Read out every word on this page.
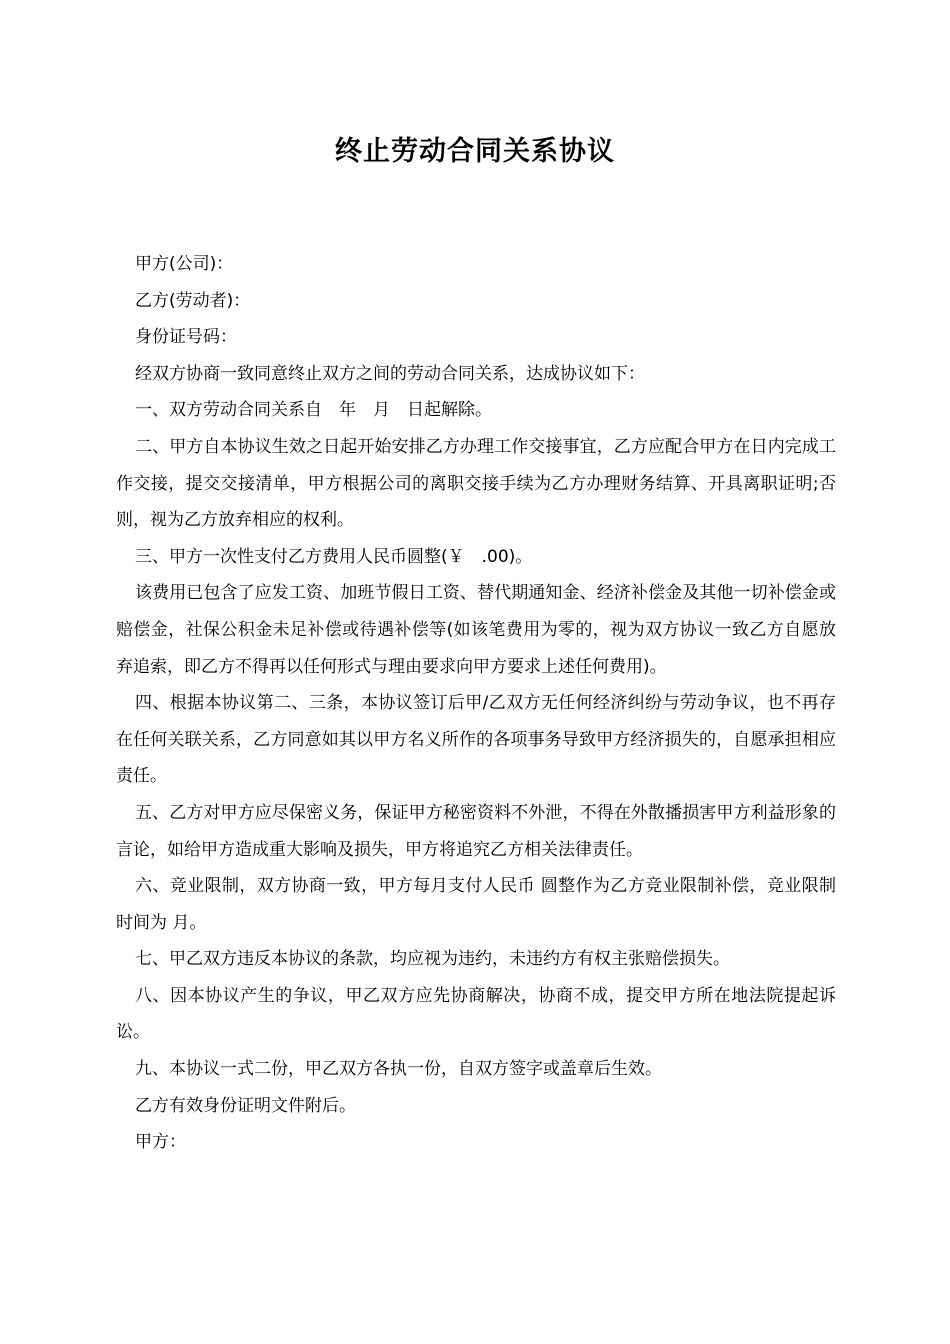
终止劳动合同关系协议

甲方(公司)：

乙方(劳动者)：

身份证号码：

经双方协商一致同意终止双方之间的劳动合同关系，达成协议如下：

一、双方劳动合同关系自　年　月　日起解除。

二、甲方自本协议生效之日起开始安排乙方办理工作交接事宜，乙方应配合甲方在日内完成工作交接，提交交接清单，甲方根据公司的离职交接手续为乙方办理财务结算、开具离职证明;否则，视为乙方放弃相应的权利。

三、甲方一次性支付乙方费用人民币圆整(￥　.00)。

该费用已包含了应发工资、加班节假日工资、替代期通知金、经济补偿金及其他一切补偿金或赔偿金，社保公积金未足补偿或待遇补偿等(如该笔费用为零的，视为双方协议一致乙方自愿放弃追索，即乙方不得再以任何形式与理由要求向甲方要求上述任何费用)。

四、根据本协议第二、三条，本协议签订后甲/乙双方无任何经济纠纷与劳动争议，也不再存在任何关联关系，乙方同意如其以甲方名义所作的各项事务导致甲方经济损失的，自愿承担相应责任。

五、乙方对甲方应尽保密义务，保证甲方秘密资料不外泄，不得在外散播损害甲方利益形象的言论，如给甲方造成重大影响及损失，甲方将追究乙方相关法律责任。

六、竞业限制，双方协商一致，甲方每月支付人民币 圆整作为乙方竞业限制补偿，竞业限制时间为 月。

七、甲乙双方违反本协议的条款，均应视为违约，未违约方有权主张赔偿损失。

八、因本协议产生的争议，甲乙双方应先协商解决，协商不成，提交甲方所在地法院提起诉讼。

九、本协议一式二份，甲乙双方各执一份，自双方签字或盖章后生效。

乙方有效身份证明文件附后。

甲方：
